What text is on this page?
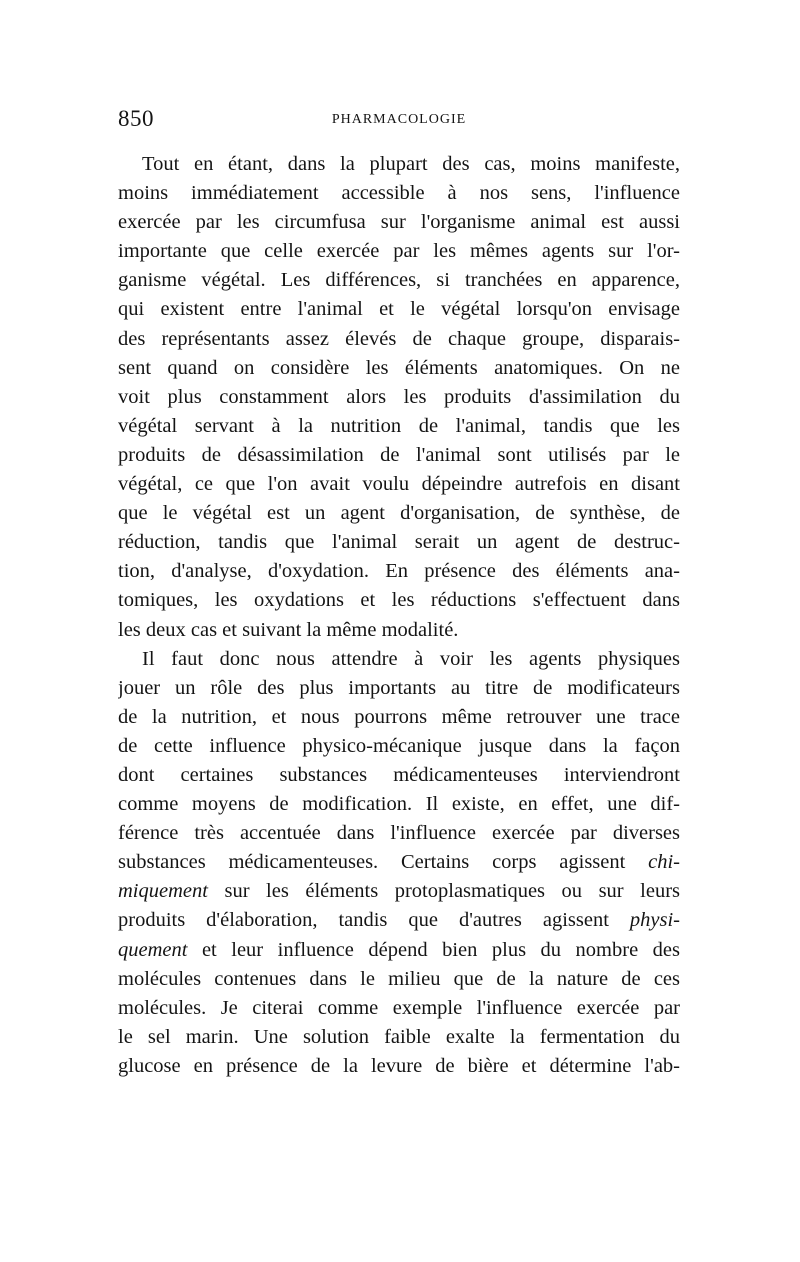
850	PHARMACOLOGIE
Tout en étant, dans la plupart des cas, moins manifeste,
moins immédiatement accessible à nos sens, l'influence
exercée par les circumfusa sur l'organisme animal est aussi
importante que celle exercée par les mêmes agents sur l'or-
ganisme végétal. Les différences, si tranchées en apparence,
qui existent entre l'animal et le végétal lorsqu'on envisage
des représentants assez élevés de chaque groupe, disparais-
sent quand on considère les éléments anatomiques. On ne
voit plus constamment alors les produits d'assimilation du
végétal servant à la nutrition de l'animal, tandis que les
produits de désassimilation de l'animal sont utilisés par le
végétal, ce que l'on avait voulu dépeindre autrefois en disant
que le végétal est un agent d'organisation, de synthèse, de
réduction, tandis que l'animal serait un agent de destruc-
tion, d'analyse, d'oxydation. En présence des éléments ana-
tomiques, les oxydations et les réductions s'effectuent dans
les deux cas et suivant la même modalité.
Il faut donc nous attendre à voir les agents physiques
jouer un rôle des plus importants au titre de modificateurs
de la nutrition, et nous pourrons même retrouver une trace
de cette influence physico-mécanique jusque dans la façon
dont certaines substances médicamenteuses interviendront
comme moyens de modification. Il existe, en effet, une dif-
férence très accentuée dans l'influence exercée par diverses
substances médicamenteuses. Certains corps agissent chi-
miquement sur les éléments protoplasmatiques ou sur leurs
produits d'élaboration, tandis que d'autres agissent physi-
quement et leur influence dépend bien plus du nombre des
molécules contenues dans le milieu que de la nature de ces
molécules. Je citerai comme exemple l'influence exercée par
le sel marin. Une solution faible exalte la fermentation du
glucose en présence de la levure de bière et détermine l'ab-
